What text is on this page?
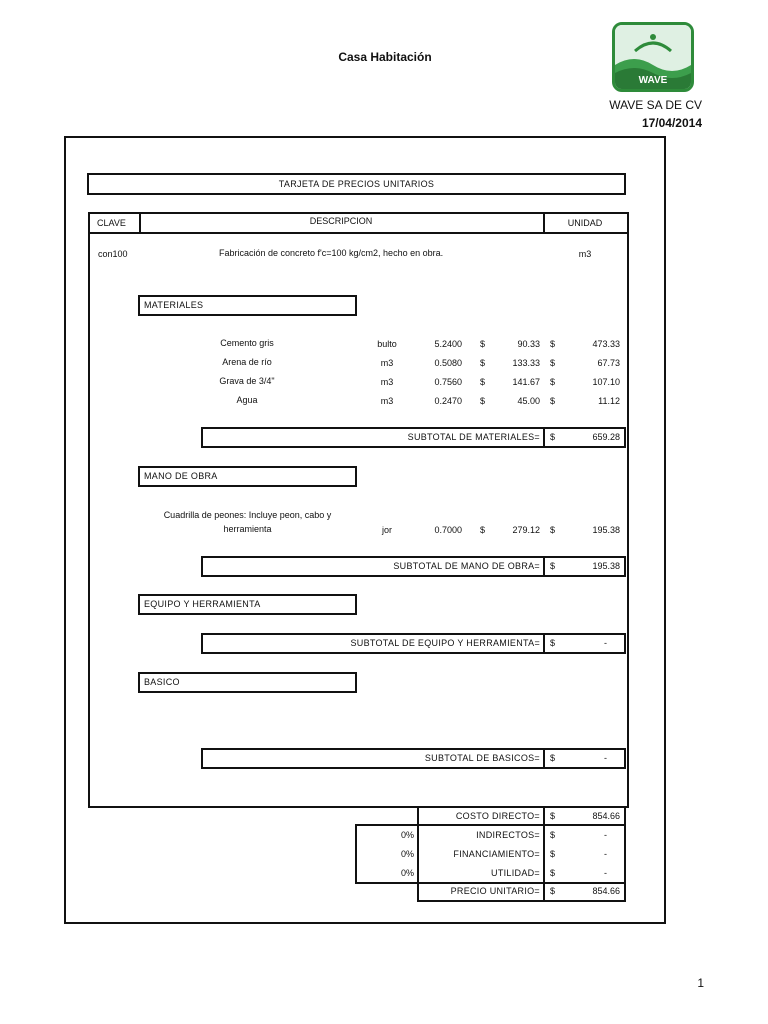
Casa Habitación
WAVE
WAVE SA DE CV
17/04/2014
TARJETA DE PRECIOS UNITARIOS
CLAVE	DESCRIPCION	UNIDAD
con100	Fabricación de concreto f'c=100 kg/cm2, hecho en obra.	m3
MATERIALES
Cemento gris	bulto	5.2400 $	90.33 $	473.33
Arena de río	m3	0.5080 $	133.33 $	67.73
Grava de 3/4"	m3	0.7560 $	141.67 $	107.10
Agua	m3	0.2470 $	45.00 $	11.12
SUBTOTAL DE MATERIALES= $	659.28
MANO DE OBRA
Cuadrilla de peones: Incluye peon, cabo y
herramienta	jor	0.7000 $	279.12 $	195.38
SUBTOTAL DE MANO DE OBRA= $	195.38
EQUIPO Y HERRAMIENTA
SUBTOTAL DE EQUIPO Y HERRAMIENTA= $	-
BASICO
SUBTOTAL DE BASICOS= $	-
COSTO DIRECTO= $	854.66
0%	INDIRECTOS= $	-
0%	FINANCIAMIENTO= $	-
0%	UTILIDAD= $	-
PRECIO UNITARIO= $	854.66
1
